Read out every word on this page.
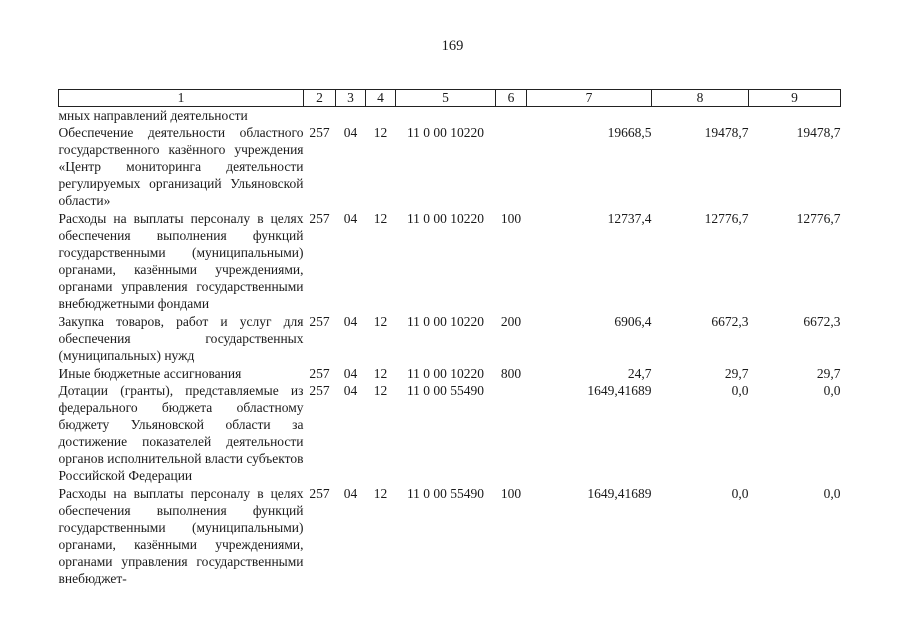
169
1	2	3	4	5	6	7	8	9
мных направлений деятельности								
Обеспечение деятельности областного государственного казённого учреждения «Центр мониторинга деятельности регулируемых организаций Ульяновской области»	257	04	12	11 0 00 10220		19668,5	19478,7	19478,7
Расходы на выплаты персоналу в целях обеспечения выполнения функций государственными (муниципальными) органами, казёнными учреждениями, органами управления государственными внебюджетными фондами	257	04	12	11 0 00 10220	100	12737,4	12776,7	12776,7
Закупка товаров, работ и услуг для обеспечения государственных (муниципальных) нужд	257	04	12	11 0 00 10220	200	6906,4	6672,3	6672,3
Иные бюджетные ассигнования	257	04	12	11 0 00 10220	800	24,7	29,7	29,7
Дотации (гранты), представляемые из федерального бюджета областному бюджету Ульяновской области за достижение показателей деятельности органов исполнительной власти субъектов Российской Федерации	257	04	12	11 0 00 55490		1649,41689	0,0	0,0
Расходы на выплаты персоналу в целях обеспечения выполнения функций государственными (муниципальными) органами, казёнными учреждениями, органами управления государственными внебюджет-	257	04	12	11 0 00 55490	100	1649,41689	0,0	0,0
